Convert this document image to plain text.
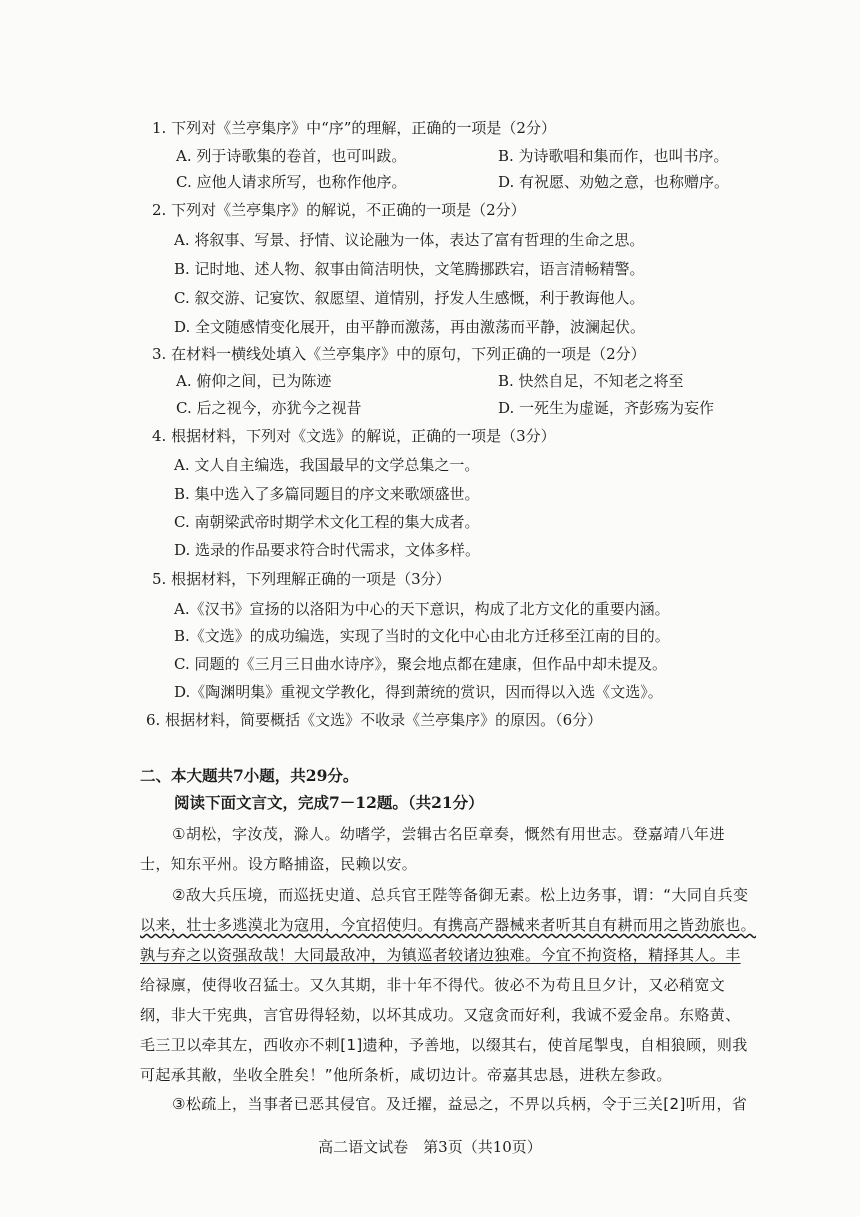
1. 下列对《兰亭集序》中“序”的理解，正确的一项是（2分）
A. 列于诗歌集的卷首，也可叫跋。	B. 为诗歌唱和集而作，也叫书序。
C. 应他人请求所写，也称作他序。	D. 有祝愿、劝勉之意，也称赠序。
2. 下列对《兰亭集序》的解说，不正确的一项是（2分）
A. 将叙事、写景、抒情、议论融为一体，表达了富有哲理的生命之思。
B. 记时地、述人物、叙事由简洁明快，文笔腾挪跌宕，语言清畅精警。
C. 叙交游、记宴饮、叙愿望、道情别，抒发人生感慨，利于教诲他人。
D. 全文随感情变化展开，由平静而激荡，再由激荡而平静，波澜起伏。
3. 在材料一横线处填入《兰亭集序》中的原句，下列正确的一项是（2分）
A. 俯仰之间，已为陈迹	B. 快然自足，不知老之将至
C. 后之视今，亦犹今之视昔	D. 一死生为虚诞，齐彭殇为妄作
4. 根据材料，下列对《文选》的解说，正确的一项是（3分）
A. 文人自主编选，我国最早的文学总集之一。
B. 集中选入了多篇同题目的序文来歌颂盛世。
C. 南朝梁武帝时期学术文化工程的集大成者。
D. 选录的作品要求符合时代需求，文体多样。
5. 根据材料，下列理解正确的一项是（3分）
A.《汉书》宣扬的以洛阳为中心的天下意识，构成了北方文化的重要内涵。
B.《文选》的成功编选，实现了当时的文化中心由北方迁移至江南的目的。
C. 同题的《三月三日曲水诗序》，聚会地点都在建康，但作品中却未提及。
D.《陶渊明集》重视文学教化，得到萧统的赏识，因而得以入选《文选》。
6. 根据材料，简要概括《文选》不收录《兰亭集序》的原因。（6分）
二、本大题共7小题，共29分。
阅读下面文言文，完成7－12题。（共21分）
①胡松，字汝茂，滁人。幼嗜学，尝辑古名臣章奏，慨然有用世志。登嘉靖八年进
士，知东平州。设方略捕盗，民赖以安。
②敌大兵压境，而巡抚史道、总兵官王陛等备御无素。松上边务事，谓：“大同自兵变
以来，壮士多逃漠北为寇用，今宜招使归。有携高产器械来者听其自有耕而用之皆劲旅也。
孰与弃之以资强敌哉！大同最敌冲，为镇巡者较诸边独难。今宜不拘资格，精择其人。丰
给禄廪，使得收召猛士。又久其期，非十年不得代。彼必不为苟且旦夕计，又必稍宽文
纲，非大干宪典，言官毋得轻劾，以坏其成功。又寇贪而好利，我诚不爱金帛。东赂黄、
毛三卫以牵其左，西收亦不剌[1]遗种，予善地，以缀其右，使首尾掣曳，自相狼顾，则我
可起承其敝，坐收全胜矣！”他所条析，咸切边计。帝嘉其忠恳，进秩左参政。
③松疏上，当事者已恶其侵官。及迁擢，益忌之，不畀以兵柄，令于三关[2]听用，省
高二语文试卷　第3页（共10页）
